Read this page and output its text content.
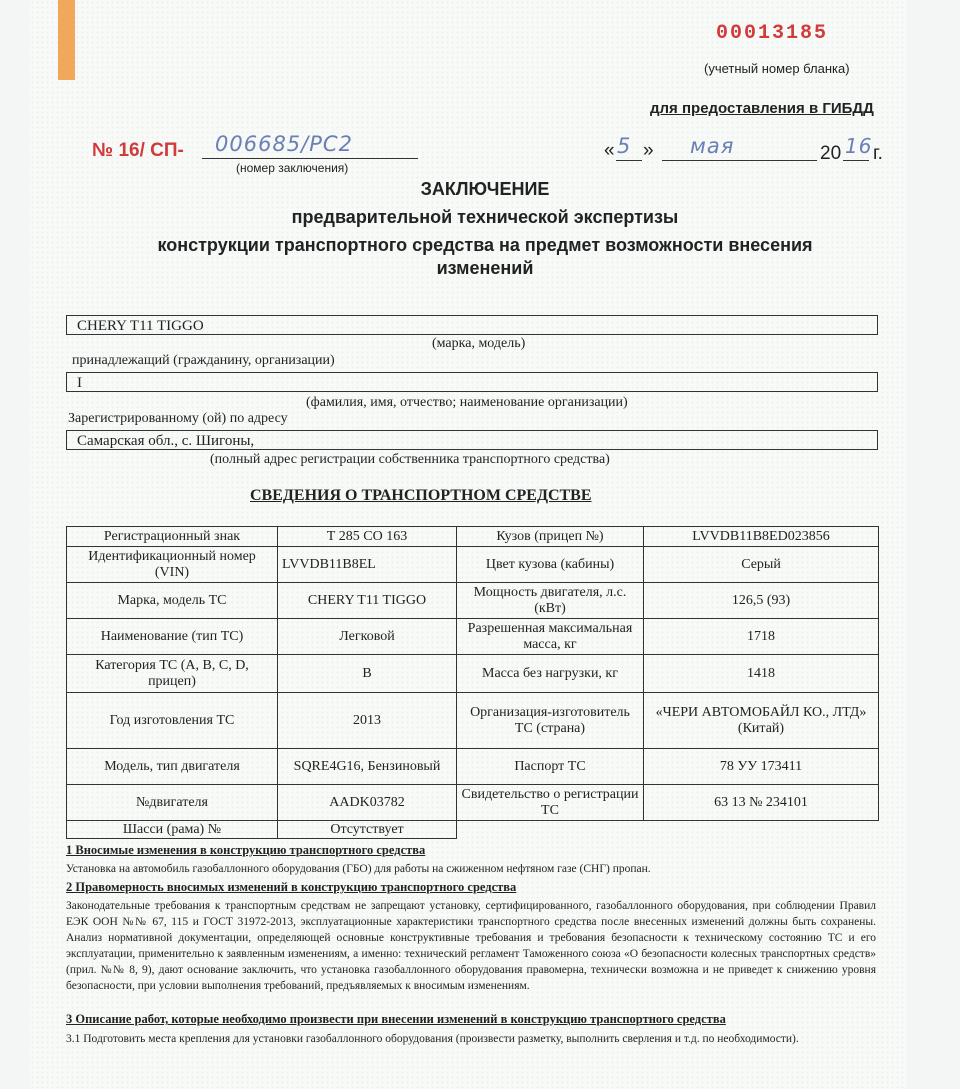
00013185
(учетный номер бланка)
для предоставления в ГИБДД
№ 16/ СП- 006685/PC2
(номер заключения)
« 5 » мая	20 16 г.
ЗАКЛЮЧЕНИЕ
предварительной технической экспертизы
конструкции транспортного средства на предмет возможности внесения
изменений
CHERY T11 TIGGO
(марка, модель)
принадлежащий (гражданину, организации)
I
(фамилия, имя, отчество; наименование организации)
Зарегистрированному (ой) по адресу
Самарская обл., с. Шигоны,
(полный адрес регистрации собственника транспортного средства)
СВЕДЕНИЯ О ТРАНСПОРТНОМ СРЕДСТВЕ
Регистрационный знак	Т 285 СО 163	Кузов (прицеп №)	LVVDB11B8ED023856
Идентификационный номер (VIN)	LVVDB11B8EL	Цвет кузова (кабины)	Серый
Марка, модель ТС	CHERY T11 TIGGO	Мощность двигателя, л.с. (кВт)	126,5 (93)
Наименование (тип ТС)	Легковой	Разрешенная максимальная масса, кг	1718
Категория ТС (A, B, C, D, прицеп)	B	Масса без нагрузки, кг	1418
Год изготовления ТС	2013	Организация-изготовитель ТС (страна)	«ЧЕРИ АВТОМОБАЙЛ КО., ЛТД» (Китай)
Модель, тип двигателя	SQRE4G16, Бензиновый	Паспорт ТС	78 УУ 173411
№двигателя	AADK03782	Свидетельство о регистрации ТС	63 13 № 234101
Шасси (рама) №	Отсутствует		
1 Вносимые изменения в конструкцию транспортного средства
Установка на автомобиль газобаллонного оборудования (ГБО) для работы на сжиженном нефтяном газе (СНГ) пропан.
2 Правомерность вносимых изменений в конструкцию транспортного средства
Законодательные требования к транспортным средствам не запрещают установку, сертифицированного, газобаллонного оборудования, при соблюдении Правил ЕЭК ООН №№ 67, 115 и ГОСТ 31972-2013, эксплуатационные характеристики транспортного средства после внесенных изменений должны быть сохранены. Анализ нормативной документации, определяющей основные конструктивные требования и требования безопасности к техническому состоянию ТС и его эксплуатации, применительно к заявленным изменениям, а именно: технический регламент Таможенного союза «О безопасности колесных транспортных средств» (прил. №№ 8, 9), дают основание заключить, что установка газобаллонного оборудования правомерна, технически возможна и не приведет к снижению уровня безопасности, при условии выполнения требований, предъявляемых к вносимым изменениям.
3 Описание работ, которые необходимо произвести при внесении изменений в конструкцию транспортного средства
3.1 Подготовить места крепления для установки газобаллонного оборудования (произвести разметку, выполнить сверления и т.д. по необходимости).
